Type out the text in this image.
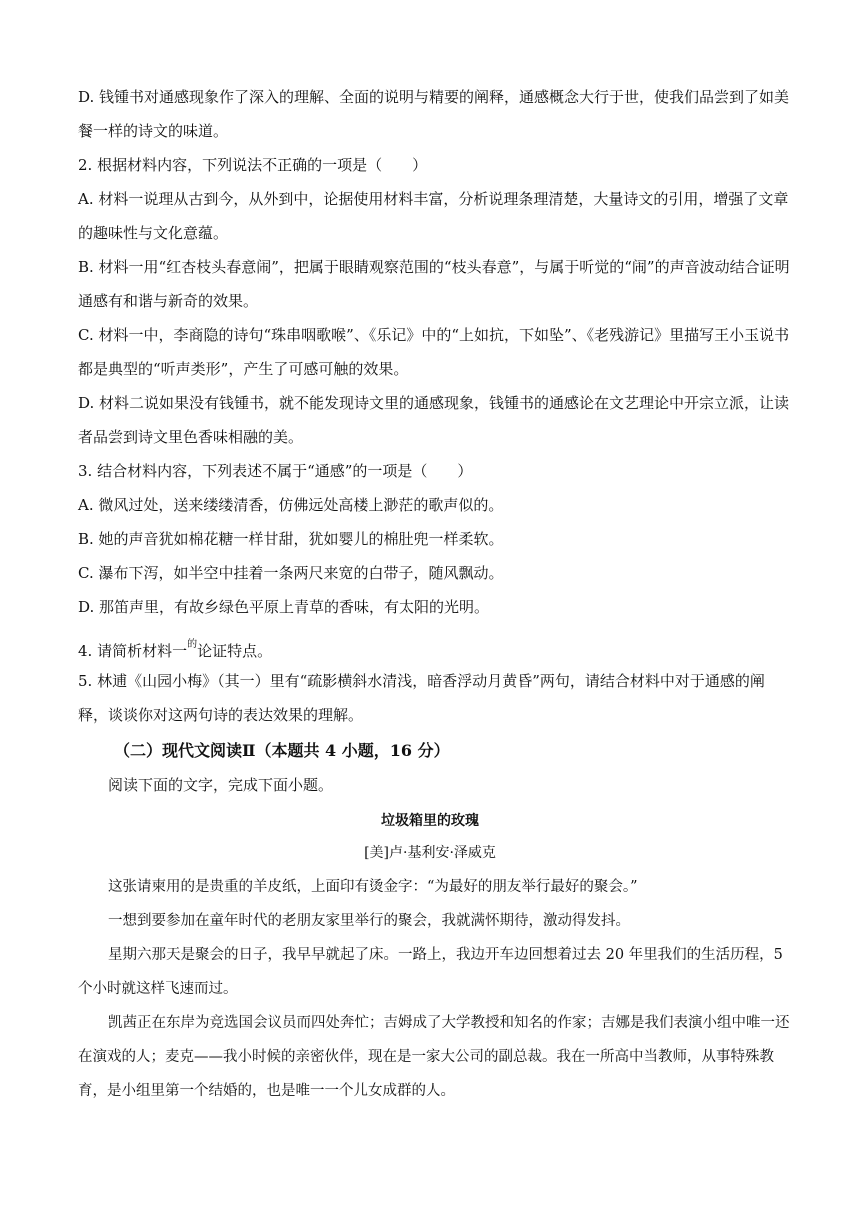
D. 钱锺书对通感现象作了深入的理解、全面的说明与精要的阐释，通感概念大行于世，使我们品尝到了如美餐一样的诗文的味道。

2. 根据材料内容，下列说法不正确的一项是（　　）

A. 材料一说理从古到今，从外到中，论据使用材料丰富，分析说理条理清楚，大量诗文的引用，增强了文章的趣味性与文化意蕴。

B. 材料一用“红杏枝头春意闹”，把属于眼睛观察范围的“枝头春意”，与属于听觉的“闹”的声音波动结合证明通感有和谐与新奇的效果。

C. 材料一中，李商隐的诗句“珠串咽歌喉”、《乐记》中的“上如抗，下如坠”、《老残游记》里描写王小玉说书都是典型的“听声类形”，产生了可感可触的效果。

D. 材料二说如果没有钱锺书，就不能发现诗文里的通感现象，钱锺书的通感论在文艺理论中开宗立派，让读者品尝到诗文里色香味相融的美。

3. 结合材料内容，下列表述不属于“通感”的一项是（　　）

A. 微风过处，送来缕缕清香，仿佛远处高楼上渺茫的歌声似的。

B. 她的声音犹如棉花糖一样甘甜，犹如婴儿的棉肚兜一样柔软。

C. 瀑布下泻，如半空中挂着一条两尺来宽的白带子，随风飘动。

D. 那笛声里，有故乡绿色平原上青草的香味，有太阳的光明。

4. 请简析材料一$^的$论证特点。

5. 林逋《山园小梅》（其一）里有“疏影横斜水清浅，暗香浮动月黄昏”两句，请结合材料中对于通感的阐释，谈谈你对这两句诗的表达效果的理解。

（二）现代文阅读Ⅱ（本题共 4 小题，16 分）

阅读下面的文字，完成下面小题。

垃圾箱里的玫瑰

[美]卢·基利安·泽威克

这张请柬用的是贵重的羊皮纸，上面印有烫金字：“为最好的朋友举行最好的聚会。”

一想到要参加在童年时代的老朋友家里举行的聚会，我就满怀期待，激动得发抖。

星期六那天是聚会的日子，我早早就起了床。一路上，我边开车边回想着过去 20 年里我们的生活历程，5 个小时就这样飞速而过。

凯茜正在东岸为竞选国会议员而四处奔忙；吉姆成了大学教授和知名的作家；吉娜是我们表演小组中唯一还在演戏的人；麦克——我小时候的亲密伙伴，现在是一家大公司的副总裁。我在一所高中当教师，从事特殊教育，是小组里第一个结婚的，也是唯一一个儿女成群的人。
